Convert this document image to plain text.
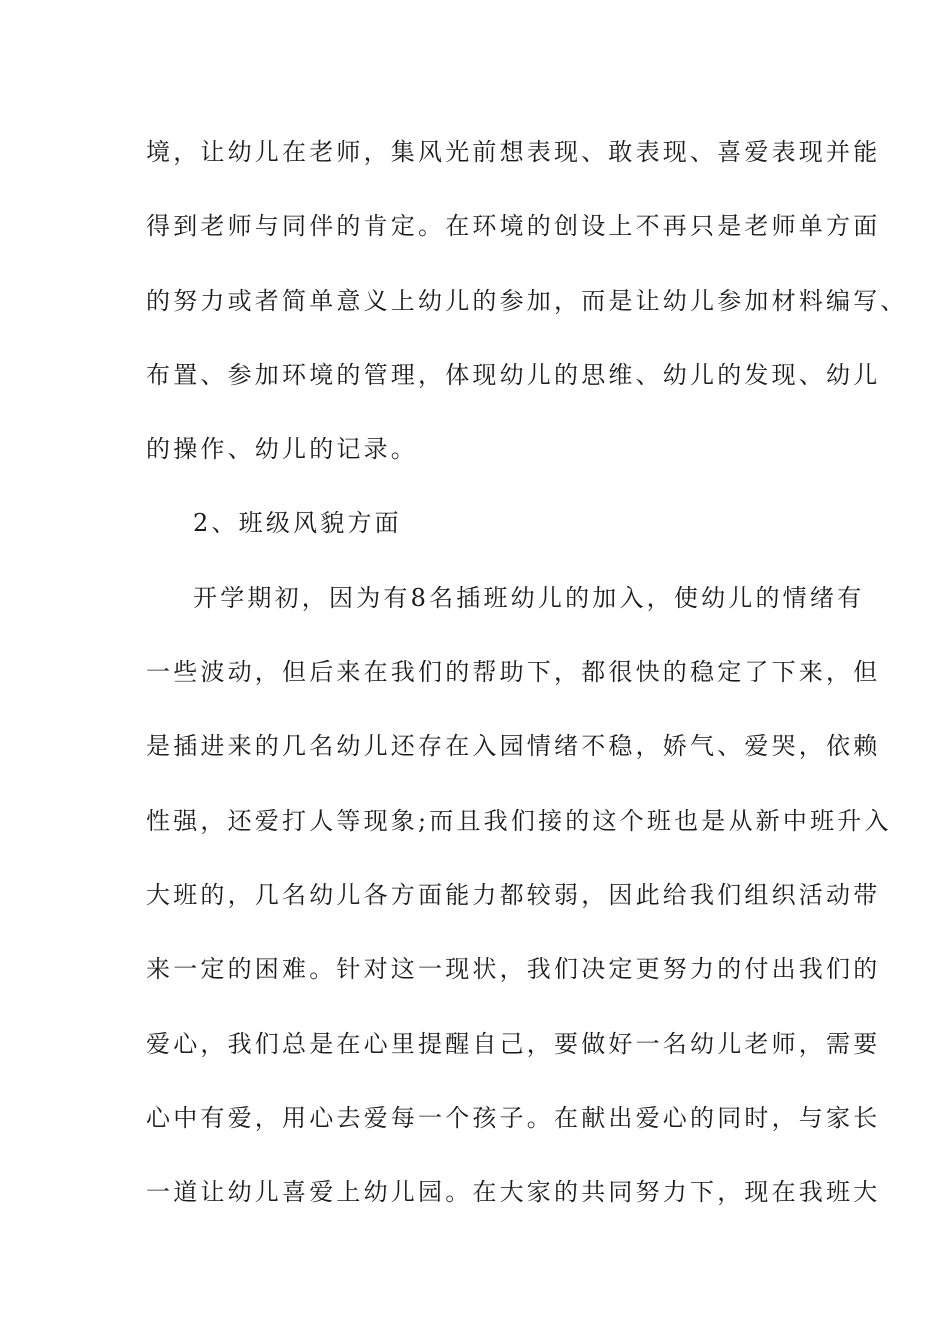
境，让幼儿在老师，集风光前想表现、敢表现、喜爱表现并能
得到老师与同伴的肯定。在环境的创设上不再只是老师单方面
的努力或者简单意义上幼儿的参加，而是让幼儿参加材料编写、
布置、参加环境的管理，体现幼儿的思维、幼儿的发现、幼儿
的操作、幼儿的记录。
2、班级风貌方面
开学期初，因为有8名插班幼儿的加入，使幼儿的情绪有
一些波动，但后来在我们的帮助下，都很快的稳定了下来，但
是插进来的几名幼儿还存在入园情绪不稳，娇气、爱哭，依赖
性强，还爱打人等现象;而且我们接的这个班也是从新中班升入
大班的，几名幼儿各方面能力都较弱，因此给我们组织活动带
来一定的困难。针对这一现状，我们决定更努力的付出我们的
爱心，我们总是在心里提醒自己，要做好一名幼儿老师，需要
心中有爱，用心去爱每一个孩子。在献出爱心的同时，与家长
一道让幼儿喜爱上幼儿园。在大家的共同努力下，现在我班大
